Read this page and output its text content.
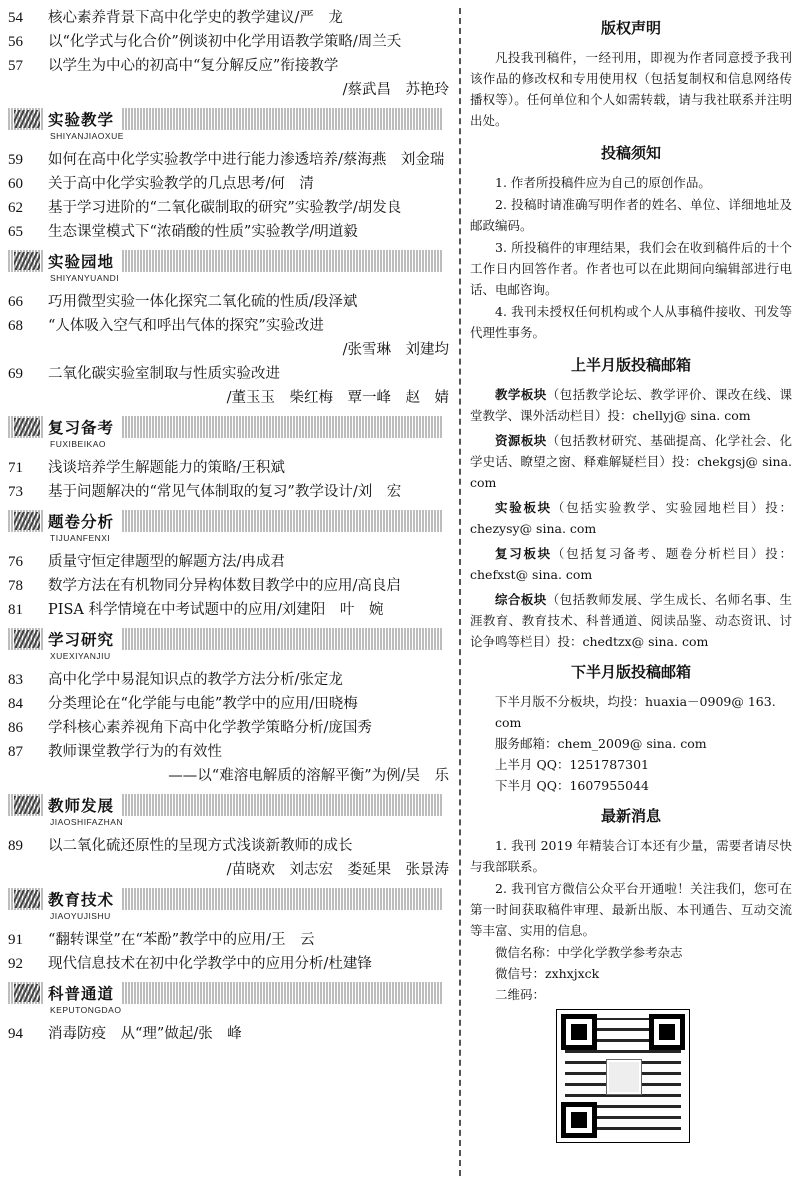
54	核心素养背景下高中化学史的教学建议/严　龙
56	以“化学式与化合价”例谈初中化学用语教学策略/周兰夭
57	以学生为中心的初高中“复分解反应”衔接教学
/蔡武昌　苏艳玲
实验教学
SHIYANJIAOXUE
59	如何在高中化学实验教学中进行能力渗透培养/蔡海燕　刘金瑞
60	关于高中化学实验教学的几点思考/何　清
62	基于学习进阶的“二氧化碳制取的研究”实验教学/胡发良
65	生态课堂模式下“浓硝酸的性质”实验教学/明道毅
实验园地
SHIYANYUANDI
66	巧用微型实验一体化探究二氧化硫的性质/段泽斌
68	“人体吸入空气和呼出气体的探究”实验改进
/张雪琳　刘建均
69	二氧化碳实验室制取与性质实验改进
/董玉玉　柴红梅　覃一峰　赵　婧
复习备考
FUXIBEIKAO
71	浅谈培养学生解题能力的策略/王积斌
73	基于问题解决的“常见气体制取的复习”教学设计/刘　宏
题卷分析
TIJUANFENXI
76	质量守恒定律题型的解题方法/冉成君
78	数学方法在有机物同分异构体数目教学中的应用/高良启
81	PISA 科学情境在中考试题中的应用/刘建阳　叶　婉
学习研究
XUEXIYANJIU
83	高中化学中易混知识点的教学方法分析/张定龙
84	分类理论在“化学能与电能”教学中的应用/田晓梅
86	学科核心素养视角下高中化学教学策略分析/庞国秀
87	教师课堂教学行为的有效性
——以“难溶电解质的溶解平衡”为例/吴　乐
教师发展
JIAOSHIFAZHAN
89	以二氧化硫还原性的呈现方式浅谈新教师的成长
/苗晓欢　刘志宏　娄延果　张景涛
教育技术
JIAOYUJISHU
91	“翻转课堂”在“苯酚”教学中的应用/王　云
92	现代信息技术在初中化学教学中的应用分析/杜建锋
科普通道
KEPUTONGDAO
94	消毒防疫　从“理”做起/张　峰
版权声明
凡投我刊稿件，一经刊用，即视为作者同意授予我刊该作品的修改权和专用使用权（包括复制权和信息网络传播权等）。任何单位和个人如需转载，请与我社联系并注明出处。
投稿须知
1. 作者所投稿件应为自己的原创作品。
2. 投稿时请准确写明作者的姓名、单位、详细地址及邮政编码。
3. 所投稿件的审理结果，我们会在收到稿件后的十个工作日内回答作者。作者也可以在此期间向编辑部进行电话、电邮咨询。
4. 我刊未授权任何机构或个人从事稿件接收、刊发等代理性事务。
上半月版投稿邮箱
教学板块（包括教学论坛、教学评价、课改在线、课堂教学、课外活动栏目）投：chellyj@ sina. com
资源板块（包括教材研究、基础提高、化学社会、化学史话、瞭望之窗、释难解疑栏目）投：chekgsj@ sina. com
实验板块（包括实验教学、实验园地栏目）投：chezysy@ sina. com
复习板块（包括复习备考、题卷分析栏目）投：chefxst@ sina. com
综合板块（包括教师发展、学生成长、名师名事、生涯教育、教育技术、科普通道、阅读品鉴、动态资讯、讨论争鸣等栏目）投：chedtzx@ sina. com
下半月版投稿邮箱
下半月版不分板块，均投：huaxia－0909@ 163. com
服务邮箱：chem_2009@ sina. com
上半月 QQ：1251787301
下半月 QQ：1607955044
最新消息
1. 我刊 2019 年精装合订本还有少量，需要者请尽快与我部联系。
2. 我刊官方微信公众平台开通啦！关注我们，您可在第一时间获取稿件审理、最新出版、本刊通告、互动交流等丰富、实用的信息。
微信名称：中学化学教学参考杂志
微信号：zxhxjxck
二维码：
